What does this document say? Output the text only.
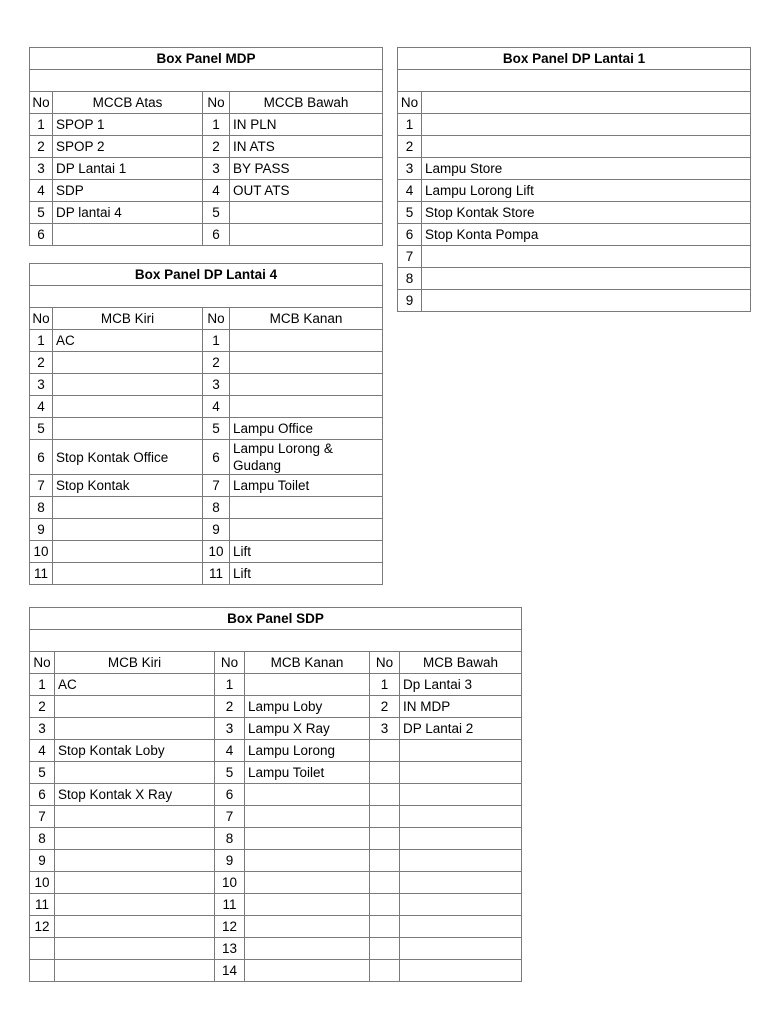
Box Panel MDP			

No	MCCB Atas	No	MCCB Bawah
1	SPOP 1	1	IN PLN
2	SPOP 2	2	IN ATS
3	DP Lantai 1	3	BY PASS
4	SDP	4	OUT ATS
5	DP lantai 4	5	
6		6	
Box Panel DP Lantai 1	

No	
1	
2	
3	Lampu Store
4	Lampu Lorong Lift
5	Stop Kontak Store
6	Stop Konta Pompa
7	
8	
9	
Box Panel DP Lantai 4			

No	MCB Kiri	No	MCB Kanan
1	AC	1	
2		2	
3		3	
4		4	
5		5	Lampu Office
6	Stop Kontak Office	6	Lampu Lorong & Gudang
7	Stop Kontak	7	Lampu Toilet
8		8	
9		9	
10		10	Lift
11		11	Lift
Box Panel SDP					

No	MCB Kiri	No	MCB Kanan	No	MCB Bawah
1	AC	1		1	Dp Lantai 3
2		2	Lampu Loby	2	IN MDP
3		3	Lampu X Ray	3	DP Lantai 2
4	Stop Kontak Loby	4	Lampu Lorong		
5		5	Lampu Toilet		
6	Stop Kontak X Ray	6			
7		7			
8		8			
9		9			
10		10			
11		11			
12		12			
		13			
		14			
